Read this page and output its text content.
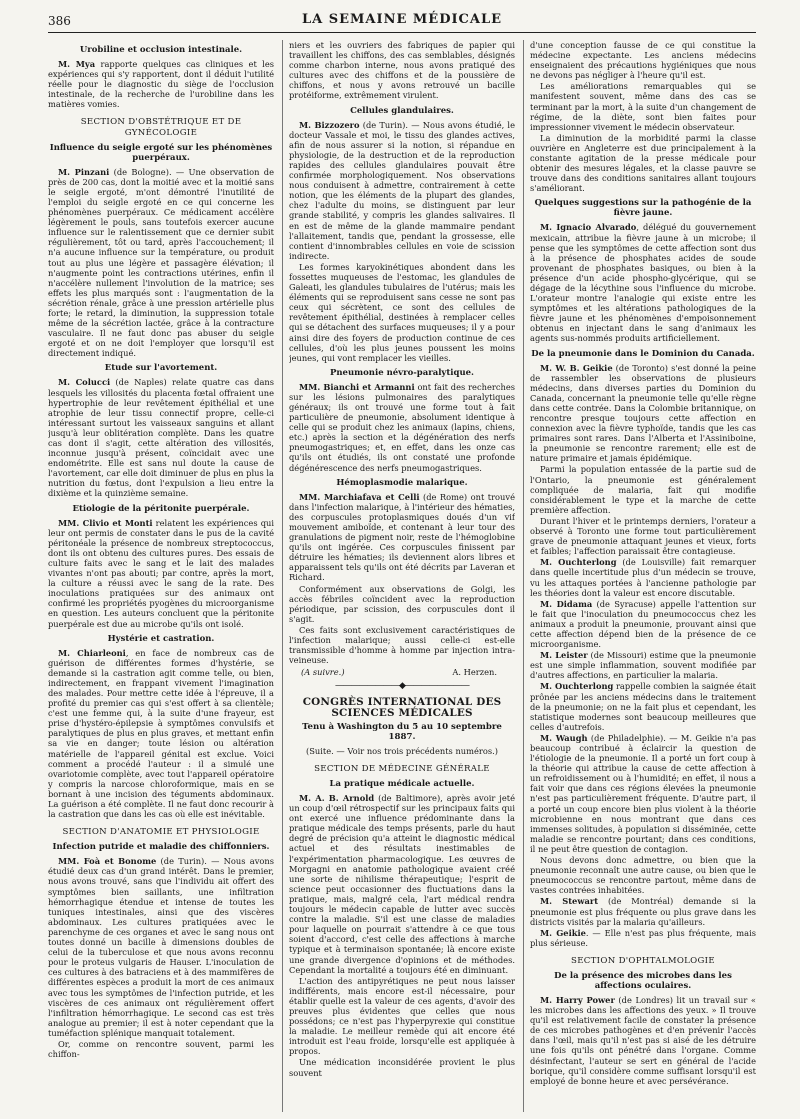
386	LA SEMAINE MÉDICALE
Urobiline et occlusion intestinale.

M. Mya rapporte quelques cas cliniques et les expériences qui s'y rapportent, dont il déduit l'utilité réelle pour le diagnostic du siège de l'occlusion intestinale, de la recherche de l'urobiline dans les matières vomies.

SECTION D'OBSTÉTRIQUE ET DE GYNÉCOLOGIE
Influence du seigle ergoté sur les phénomènes puerpéraux.

M. Pinzani (de Bologne). — Une observation de près de 200 cas, dont la moitié avec et la moitié sans le seigle ergoté, m'ont démontré l'inutilité de l'emploi du seigle ergoté en ce qui concerne les phénomènes puerpéraux. Ce médicament accélère légèrement le pouls, sans toutefois exercer aucune influence sur le ralentissement que ce dernier subit régulièrement, tôt ou tard, après l'accouchement; il n'a aucune influence sur la température, ou produit tout au plus une légère et passagère élévation; il n'augmente point les contractions utérines, enfin il n'accélère nullement l'involution de la matrice; ses effets les plus marqués sont : l'augmentation de la sécrétion rénale, grâce à une pression artérielle plus forte; le retard, la diminution, la suppression totale même de la sécrétion lactée, grâce à la contracture vasculaire. Il ne faut donc pas abuser du seigle ergoté et on ne doit l'employer que lorsqu'il est directement indiqué.

Etude sur l'avortement.

M. Colucci (de Naples) relate quatre cas dans lesquels les villosités du placenta fœtal offraient une hypertrophie de leur revêtement épithélial et une atrophie de leur tissu connectif propre, celle-ci intéressant surtout les vaisseaux sanguins et allant jusqu'à leur oblitération complète. Dans les quatre cas dont il s'agit, cette altération des villosités, inconnue jusqu'à présent, coïncidait avec une endométrite. Elle est sans nul doute la cause de l'avortement, car elle doit diminuer de plus en plus la nutrition du fœtus, dont l'expulsion a lieu entre la dixième et la quinzième semaine.

Etiologie de la péritonite puerpérale.

MM. Clivio et Monti relatent les expériences qui leur ont permis de constater dans le pus de la cavité péritonéale la présence de nombreux streptococcus, dont ils ont obtenu des cultures pures. Des essais de culture faits avec le sang et le lait des malades vivantes n'ont pas abouti; par contre, après la mort, la culture a réussi avec le sang de la rate. Des inoculations pratiquées sur des animaux ont confirmé les propriétés pyogènes du microorganisme en question. Les auteurs concluent que la péritonite puerpérale est due au microbe qu'ils ont isolé.

Hystérie et castration.

M. Chiarleoni, en face de nombreux cas de guérison de différentes formes d'hystérie, se demande si la castration agit comme telle, ou bien, indirectement, en frappant vivement l'imagination des malades. Pour mettre cette idée à l'épreuve, il a profité du premier cas qui s'est offert à sa clientèle; c'est une femme qui, à la suite d'une frayeur, est prise d'hystéro-épilepsie à symptômes convulsifs et paralytiques de plus en plus graves, et mettant enfin sa vie en danger; toute lésion ou altération matérielle de l'appareil génital est exclue. Voici comment a procédé l'auteur : il a simulé une ovariotomie complète, avec tout l'appareil opératoire y compris la narcose chloroformique, mais en se bornant à une incision des téguments abdominaux. La guérison a été complète. Il ne faut donc recourir à la castration que dans les cas où elle est inévitable.

SECTION D'ANATOMIE ET PHYSIOLOGIE
Infection putride et maladie des chiffonniers.

MM. Foà et Bonome (de Turin). — Nous avons étudié deux cas d'un grand intérêt. Dans le premier, nous avons trouvé, sans que l'individu ait offert des symptômes bien saillants, une infiltration hémorrhagique étendue et intense de toutes les tuniques intestinales, ainsi que des viscères abdominaux. Les cultures pratiquées avec le parenchyme de ces organes et avec le sang nous ont toutes donné un bacille à dimensions doubles de celui de la tuberculose et que nous avons reconnu pour le proteus vulgaris de Hauser. L'inoculation de ces cultures à des batraciens et à des mammifères de différentes espèces a produit la mort de ces animaux avec tous les symptômes de l'infection putride, et les viscères de ces animaux ont régulièrement offert l'infiltration hémorrhagique. Le second cas est très analogue au premier; il est à noter cependant que la tuméfaction splénique manquait totalement.

Or, comme on rencontre souvent, parmi les chiffon-

niers et les ouvriers des fabriques de papier qui travaillent les chiffons, des cas semblables, désignés comme charbon interne, nous avons pratiqué des cultures avec des chiffons et de la poussière de chiffons, et nous y avons retrouvé un bacille protéiforme, extrêmement virulent.

Cellules glandulaires.

M. Bizzozero (de Turin). — Nous avons étudié, le docteur Vassale et moi, le tissu des glandes actives, afin de nous assurer si la notion, si répandue en physiologie, de la destruction et de la reproduction rapides des cellules glandulaires pouvait être confirmée morphologiquement. Nos observations nous conduisent à admettre, contrairement à cette notion, que les éléments de la plupart des glandes, chez l'adulte du moins, se distinguent par leur grande stabilité, y compris les glandes salivaires. Il en est de même de la glande mammaire pendant l'allaitement, tandis que, pendant la grossesse, elle contient d'innombrables cellules en voie de scission indirecte.

Les formes karyokinétiques abondent dans les fossettes muqueuses de l'estomac, les glandules de Galeati, les glandules tubulaires de l'utérus; mais les éléments qui se reproduisent sans cesse ne sont pas ceux qui sécrètent, ce sont des cellules de revêtement épithélial, destinées à remplacer celles qui se détachent des surfaces muqueuses; il y a pour ainsi dire des foyers de production continue de ces cellules, d'où les plus jeunes poussent les moins jeunes, qui vont remplacer les vieilles.

Pneumonie névro-paralytique.

MM. Bianchi et Armanni ont fait des recherches sur les lésions pulmonaires des paralytiques généraux; ils ont trouvé une forme tout à fait particulière de pneumonie, absolument identique à celle qui se produit chez les animaux (lapins, chiens, etc.) après la section et la dégénération des nerfs pneumogastriques; et, en effet, dans les onze cas qu'ils ont étudiés, ils ont constaté une profonde dégénérescence des nerfs pneumogastriques.

Hémoplasmodie malarique.

MM. Marchiafava et Celli (de Rome) ont trouvé dans l'infection malarique, à l'intérieur des hématies, des corpuscules protoplasmiques doués d'un vif mouvement amiboïde, et contenant à leur tour des granulations de pigment noir, reste de l'hémoglobine qu'ils ont ingérée. Ces corpuscules finissent par détruire les hématies; ils deviennent alors libres et apparaissent tels qu'ils ont été décrits par Laveran et Richard.

Conformément aux observations de Golgi, les accès fébriles coïncident avec la reproduction périodique, par scission, des corpuscules dont il s'agit.

Ces faits sont exclusivement caractéristiques de l'infection malarique; aussi celle-ci est-elle transmissible d'homme à homme par injection intra-veineuse.

(A suivre.)	A. Herzen.
————————◆————————
CONGRÈS INTERNATIONAL DES SCIENCES MÉDICALES
Tenu à Washington du 5 au 10 septembre 1887.
(Suite. — Voir nos trois précédents numéros.)
SECTION DE MÉDECINE GÉNÉRALE
La pratique médicale actuelle.

M. A. B. Arnold (de Baltimore), après avoir jeté un coup d'œil rétrospectif sur les principaux faits qui ont exercé une influence prédominante dans la pratique médicale des temps présents, parle du haut degré de précision qu'a atteint le diagnostic médical actuel et des résultats inestimables de l'expérimentation pharmacologique. Les œuvres de Morgagni en anatomie pathologique avaient créé une sorte de nihilisme thérapeutique; l'esprit de science peut occasionner des fluctuations dans la pratique, mais, malgré cela, l'art médical rendra toujours le médecin capable de lutter avec succès contre la maladie. S'il est une classe de maladies pour laquelle on pourrait s'attendre à ce que tous soient d'accord, c'est celle des affections à marche typique et à terminaison spontanée; là encore existe une grande divergence d'opinions et de méthodes. Cependant la mortalité a toujours été en diminuant.

L'action des antipyrétiques ne peut nous laisser indifférents, mais encore est-il nécessaire, pour établir quelle est la valeur de ces agents, d'avoir des preuves plus évidentes que celles que nous possédons; ce n'est pas l'hyperpyrexie qui constitue la maladie. Le meilleur remède qui ait encore été introduit est l'eau froide, lorsqu'elle est appliquée à propos.

Une médication inconsidérée provient le plus souvent

d'une conception fausse de ce qui constitue la médecine expectante. Les anciens médecins enseignaient des précautions hygiéniques que nous ne devons pas négliger à l'heure qu'il est.

Les améliorations remarquables qui se manifestent souvent, même dans des cas se terminant par la mort, à la suite d'un changement de régime, de la diète, sont bien faites pour impressionner vivement le médecin observateur.

La diminution de la morbidité parmi la classe ouvrière en Angleterre est due principalement à la constante agitation de la presse médicale pour obtenir des mesures légales, et la classe pauvre se trouve dans des conditions sanitaires allant toujours s'améliorant.

Quelques suggestions sur la pathogénie de la fièvre jaune.

M. Ignacio Alvarado, délégué du gouvernement mexicain, attribue la fièvre jaune à un microbe; il pense que les symptômes de cette affection sont dus à la présence de phosphates acides de soude provenant de phosphates basiques, ou bien à la présence d'un acide phospho-glycérique, qui se dégage de la lécythine sous l'influence du microbe. L'orateur montre l'analogie qui existe entre les symptômes et les altérations pathologiques de la fièvre jaune et les phénomènes d'empoisonnement obtenus en injectant dans le sang d'animaux les agents sus-nommés produits artificiellement.

De la pneumonie dans le Dominion du Canada.

M. W. B. Geikie (de Toronto) s'est donné la peine de rassembler les observations de plusieurs médecins, dans diverses parties du Dominion du Canada, concernant la pneumonie telle qu'elle règne dans cette contrée. Dans la Colombie britannique, on rencontre presque toujours cette affection en connexion avec la fièvre typhoïde, tandis que les cas primaires sont rares. Dans l'Alberta et l'Assiniboine, la pneumonie se rencontre rarement; elle est de nature primaire et jamais épidémique.

Parmi la population entassée de la partie sud de l'Ontario, la pneumonie est généralement compliquée de malaria, fait qui modifie considérablement le type et la marche de cette première affection.

Durant l'hiver et le printemps derniers, l'orateur a observé à Toronto une forme tout particulièrement grave de pneumonie attaquant jeunes et vieux, forts et faibles; l'affection paraissait être contagieuse.

M. Ouchterlong (de Louisville) fait remarquer dans quelle incertitude plus d'un médecin se trouve, vu les attaques portées à l'ancienne pathologie par les théories dont la valeur est encore discutable.

M. Didama (de Syracuse) appelle l'attention sur le fait que l'inoculation du pneumococcus chez les animaux a produit la pneumonie, prouvant ainsi que cette affection dépend bien de la présence de ce microorganisme.

M. Leister (de Missouri) estime que la pneumonie est une simple inflammation, souvent modifiée par d'autres affections, en particulier la malaria.

M. Ouchterlong rappelle combien la saignée était prônée par les anciens médecins dans le traitement de la pneumonie; on ne la fait plus et cependant, les statistique modernes sont beaucoup meilleures que celles d'autrefois.

M. Waugh (de Philadelphie). — M. Geikie n'a pas beaucoup contribué à éclaircir la question de l'étiologie de la pneumonie. Il a porté un fort coup à la théorie qui attribue la cause de cette affection à un refroidissement ou à l'humidité; en effet, il nous a fait voir que dans ces régions élevées la pneumonie n'est pas particulièrement fréquente. D'autre part, il a porté un coup encore bien plus violent à la théorie microbienne en nous montrant que dans ces immenses solitudes, à population si disséminée, cette maladie se rencontre pourtant; dans ces conditions, il ne peut être question de contagion.

Nous devons donc admettre, ou bien que la pneumonie reconnaît une autre cause, ou bien que le pneumococcus se rencontre partout, même dans de vastes contrées inhabitées.

M. Stewart (de Montréal) demande si la pneumonie est plus fréquente ou plus grave dans les districts visités par la malaria qu'ailleurs.

M. Geikie. — Elle n'est pas plus fréquente, mais plus sérieuse.

SECTION D'OPHTALMOLOGIE
De la présence des microbes dans les affections oculaires.

M. Harry Power (de Londres) lit un travail sur « les microbes dans les affections des yeux. » Il trouve qu'il est relativement facile de constater la présence de ces microbes pathogènes et d'en prévenir l'accès dans l'œil, mais qu'il n'est pas si aisé de les détruire une fois qu'ils ont pénétré dans l'organe. Comme désinfectant, l'auteur se sert en général de l'acide borique, qu'il considère comme suffisant lorsqu'il est employé de bonne heure et avec persévérance.
